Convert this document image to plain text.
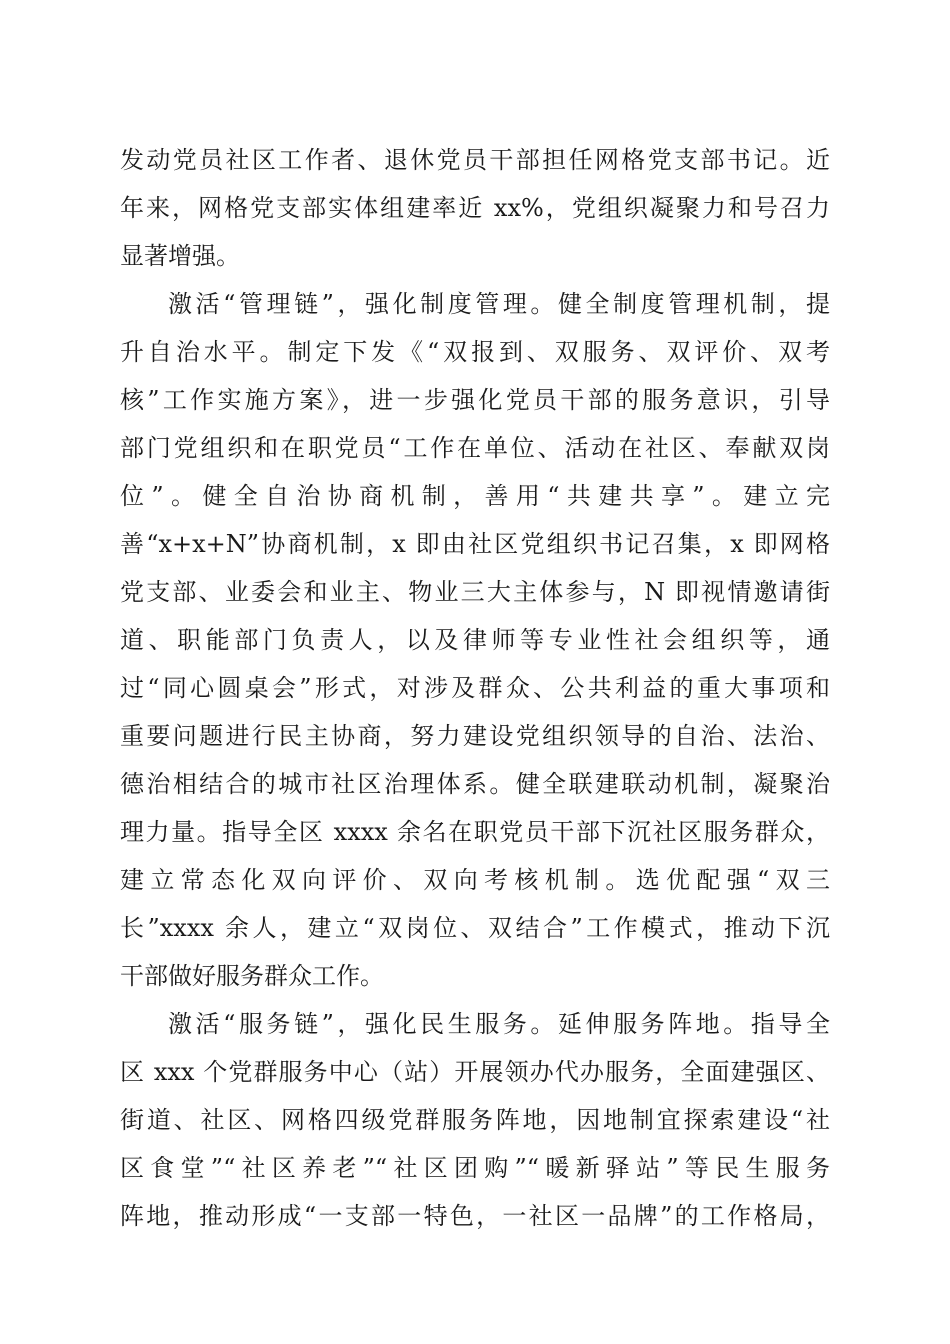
发动党员社区工作者、退休党员干部担任网格党支部书记。近
年来，网格党支部实体组建率近 xx%，党组织凝聚力和号召力
显著增强。
激活“管理链”，强化制度管理。健全制度管理机制，提
升自治水平。制定下发《“双报到、双服务、双评价、双考
核”工作实施方案》，进一步强化党员干部的服务意识，引导
部门党组织和在职党员“工作在单位、活动在社区、奉献双岗
位”。健全自治协商机制，善用“共建共享”。建立完
善“x+x+N”协商机制，x 即由社区党组织书记召集，x 即网格
党支部、业委会和业主、物业三大主体参与，N 即视情邀请街
道、职能部门负责人，以及律师等专业性社会组织等，通
过“同心圆桌会”形式，对涉及群众、公共利益的重大事项和
重要问题进行民主协商，努力建设党组织领导的自治、法治、
德治相结合的城市社区治理体系。健全联建联动机制，凝聚治
理力量。指导全区 xxxx 余名在职党员干部下沉社区服务群众，
建立常态化双向评价、双向考核机制。选优配强“双三
长”xxxx 余人，建立“双岗位、双结合”工作模式，推动下沉
干部做好服务群众工作。
激活“服务链”，强化民生服务。延伸服务阵地。指导全
区 xxx 个党群服务中心（站）开展领办代办服务，全面建强区、
街道、社区、网格四级党群服务阵地，因地制宜探索建设“社
区食堂”“社区养老”“社区团购”“暖新驿站”等民生服务
阵地，推动形成“一支部一特色，一社区一品牌”的工作格局，
